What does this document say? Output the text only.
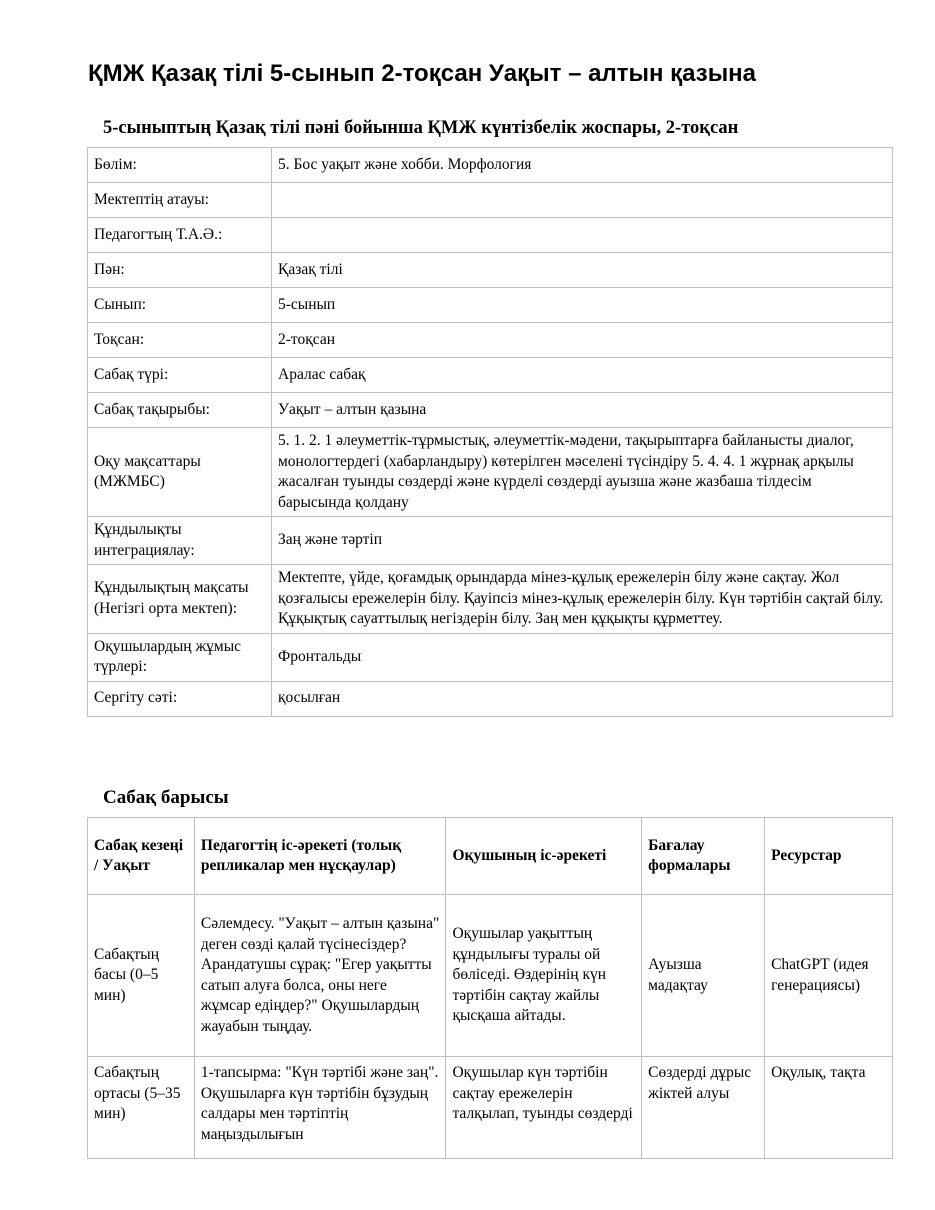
ҚМЖ Қазақ тілі 5-сынып 2-тоқсан Уақыт – алтын қазына
5-сыныптың Қазақ тілі пәні бойынша ҚМЖ күнтізбелік жоспары, 2-тоқсан
Бөлім:	5. Бос уақыт және хобби. Морфология
Мектептің атауы:	
Педагогтың Т.А.Ә.:	
Пән:	Қазақ тілі
Сынып:	5-сынып
Тоқсан:	2-тоқсан
Сабақ түрі:	Аралас сабақ
Сабақ тақырыбы:	Уақыт – алтын қазына
Оқу мақсаттары (МЖМБС)	5. 1. 2. 1 әлеуметтік-тұрмыстық, әлеуметтік-мәдени, тақырыптарға байланысты диалог, монологтердегі (хабарландыру) көтерілген мәселені түсіндіру 5. 4. 4. 1 жұрнақ арқылы жасалған туынды сөздерді және күрделі сөздерді ауызша және жазбаша тілдесім барысында қолдану
Құндылықты интеграциялау:	Заң және тәртіп
Құндылықтың мақсаты (Негізгі орта мектеп):	Мектепте, үйде, қоғамдық орындарда мінез-құлық ережелерін білу және сақтау. Жол қозғалысы ережелерін білу. Қауіпсіз мінез-құлық ережелерін білу. Күн тәртібін сақтай білу. Құқықтық сауаттылық негіздерін білу. Заң мен құқықты құрметтеу.
Оқушылардың жұмыс түрлері:	Фронтальды
Сергіту сәті:	қосылған
Сабақ барысы
Сабақ кезеңі / Уақыт	Педагогтің іс-әрекеті (толық репликалар мен нұсқаулар)	Оқушының іс-әрекеті	Бағалау формалары	Ресурстар
Сабақтың басы (0–5 мин)	Сәлемдесу. "Уақыт – алтын қазына" деген сөзді қалай түсінесіздер? Арандатушы сұрақ: "Егер уақытты сатып алуға болса, оны неге жұмсар едіңдер?" Оқушылардың жауабын тыңдау.	Оқушылар уақыттың құндылығы туралы ой бөліседі. Өздерінің күн тәртібін сақтау жайлы қысқаша айтады.	Ауызша мадақтау	ChatGPT (идея генерациясы)
Сабақтың ортасы (5–35 мин)	1-тапсырма: "Күн тәртібі және заң". Оқушыларға күн тәртібін бұзудың салдары мен тәртіптің маңыздылығын	Оқушылар күн тәртібін сақтау ережелерін талқылап, туынды сөздерді	Сөздерді дұрыс жіктей алуы	Оқулық, тақта
